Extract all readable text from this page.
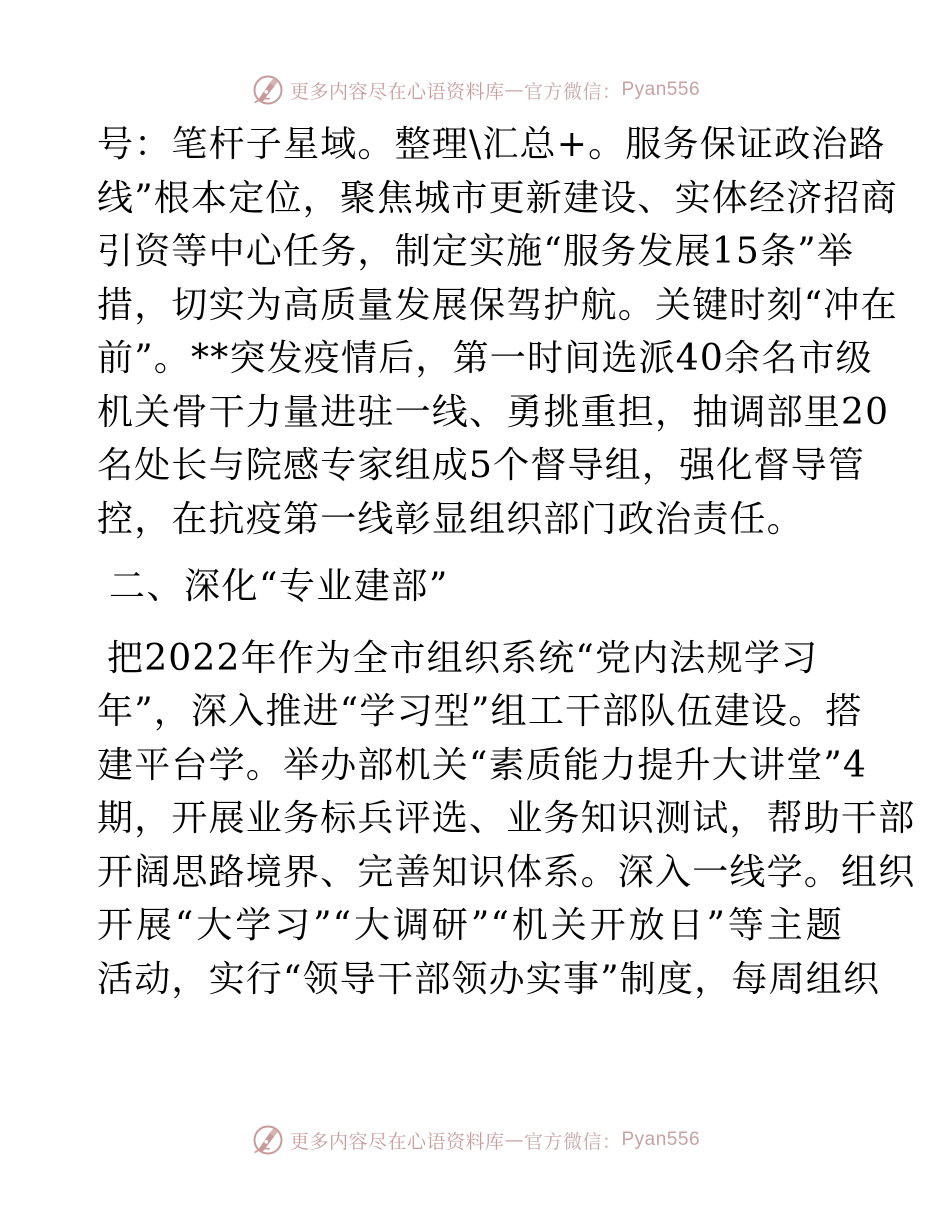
更多内容尽在心语资料库 — 官方微信： Pyan556
号：笔杆子星域。整理\汇总+。服务保证政治路
线”根本定位，聚焦城市更新建设、实体经济招商
引资等中心任务，制定实施“服务发展15条”举
措，切实为高质量发展保驾护航。关键时刻“冲在
前”。**突发疫情后，第一时间选派40余名市级
机关骨干力量进驻一线、勇挑重担，抽调部里20
名处长与院感专家组成5个督导组，强化督导管
控，在抗疫第一线彰显组织部门政治责任。
二、深化“专业建部”
把2022年作为全市组织系统“党内法规学习
年”，深入推进“学习型”组工干部队伍建设。搭
建平台学。举办部机关“素质能力提升大讲堂”4
期，开展业务标兵评选、业务知识测试，帮助干部
开阔思路境界、完善知识体系。深入一线学。组织
开展“大学习”“大调研”“机关开放日”等主题
活动，实行“领导干部领办实事”制度，每周组织
更多内容尽在心语资料库 — 官方微信： Pyan556
